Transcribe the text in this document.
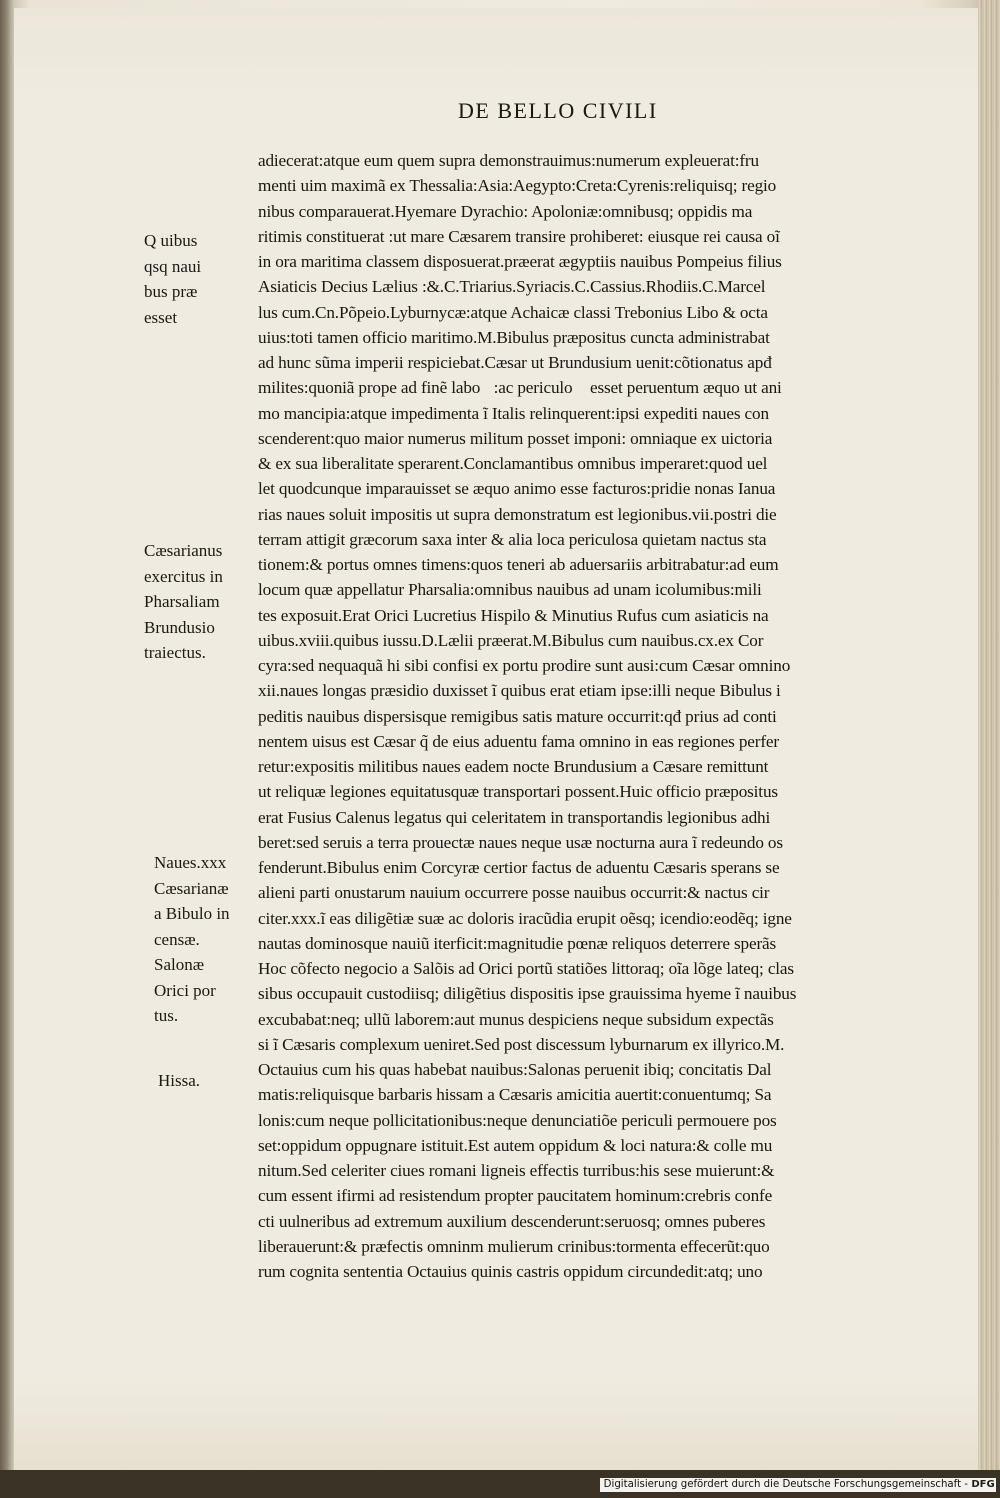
DE BELLO CIVILI
Q uibus
qsq naui
bus præ
esset
Cæsarianus
exercitus in
Pharsaliam
Brundusio
traiectus.
Naues.xxx
Cæsarianæ
a Bibulo in
censæ.
Salonæ
Orici por
tus.
Hissa.
adiecerat:atque eum quem supra demonstrauimus:numerum expleuerat:fru
menti uim maximã ex Thessalia:Asia:Aegypto:Creta:Cyrenis:reliquisq; regio
nibus comparauerat.Hyemare Dyrachio: Apoloniæ:omnibusq; oppidis ma
ritimis constituerat :ut mare Cæsarem transire prohiberet: eiusque rei causa oĩ
in ora maritima classem disposuerat.præerat ægyptiis nauibus Pompeius filius
Asiaticis Decius Lælius :&.C.Triarius.Syriacis.C.Cassius.Rhodiis.C.Marcel
lus cum.Cn.Põpeio.Lyburnycæ:atque Achaicæ classi Trebonius Libo & octa
uius:toti tamen officio maritimo.M.Bibulus præpositus cuncta administrabat
ad hunc sũma imperii respiciebat.Cæsar ut Brundusium uenit:cõtionatus apđ
milites:quoniã prope ad finẽ labo᷑:ac periculo᷑ esset peruentum æquo ut ani
mo mancipia:atque impedimenta ĩ Italis relinquerent:ipsi expediti naues con
scenderent:quo maior numerus militum posset imponi: omniaque ex uictoria
& ex sua liberalitate sperarent.Conclamantibus omnibus imperaret:quod uel
let quodcunque imparauisset se æquo animo esse facturos:pridie nonas Ianua
rias naues soluit impositis ut supra demonstratum est legionibus.vii.postri die
terram attigit græcorum saxa inter & alia loca periculosa quietam nactus sta
tionem:& portus omnes timens:quos teneri ab aduersariis arbitrabatur:ad eum
locum quæ appellatur Pharsalia:omnibus nauibus ad unam icolumibus:mili
tes exposuit.Erat Orici Lucretius Hispilo & Minutius Rufus cum asiaticis na
uibus.xviii.quibus iussu.D.Lælii præerat.M.Bibulus cum nauibus.cx.ex Cor
cyra:sed nequaquã hi sibi confisi ex portu prodire sunt ausi:cum Cæsar omnino
xii.naues longas præsidio duxisset ĩ quibus erat etiam ipse:illi neque Bibulus i
peditis nauibus dispersisque remigibus satis mature occurrit:qđ prius ad conti
nentem uisus est Cæsar q̃ de eius aduentu fama omnino in eas regiones perfer
retur:expositis militibus naues eadem nocte Brundusium a Cæsare remittunt
ut reliquæ legiones equitatusquæ transportari possent.Huic officio præpositus
erat Fusius Calenus legatus qui celeritatem in transportandis legionibus adhi
beret:sed seruis a terra prouectæ naues neque usæ nocturna aura ĩ redeundo os
fenderunt.Bibulus enim Corcyræ certior factus de aduentu Cæsaris sperans se
alieni parti onustarum nauium occurrere posse nauibus occurrit:& nactus cir
citer.xxx.ĩ eas diligẽtiæ suæ ac doloris iracũdia erupit oẽsq; icendio:eodẽq; igne
nautas dominosque nauiũ iterficit:magnitudie pœnæ reliquos deterrere sperãs
Hoc cõfecto negocio a Salõis ad Orici portũ statiões littoraq; oĩa lõge lateq; clas
sibus occupauit custodiisq; diligẽtius dispositis ipse grauissima hyeme ĩ nauibus
excubabat:neq; ullũ laborem:aut munus despiciens neque subsidum expectãs
si ĩ Cæsaris complexum ueniret.Sed post discessum lyburnarum ex illyrico.M.
Octauius cum his quas habebat nauibus:Salonas peruenit ibiq; concitatis Dal
matis:reliquisque barbaris hissam a Cæsaris amicitia auertit:conuentumq; Sa
lonis:cum neque pollicitationibus:neque denunciatiõe periculi permouere pos
set:oppidum oppugnare istituit.Est autem oppidum & loci natura:& colle mu
nitum.Sed celeriter ciues romani ligneis effectis turribus:his sese muierunt:&
cum essent ifirmi ad resistendum propter paucitatem hominum:crebris confe
cti uulneribus ad extremum auxilium descenderunt:seruosq; omnes puberes
liberauerunt:& præfectis omninm mulierum crinibus:tormenta effecerũt:quo
rum cognita sententia Octauius quinis castris oppidum circundedit:atq; uno
Digitalisierung gefördert durch die Deutsche Forschungsgemeinschaft - DFG
